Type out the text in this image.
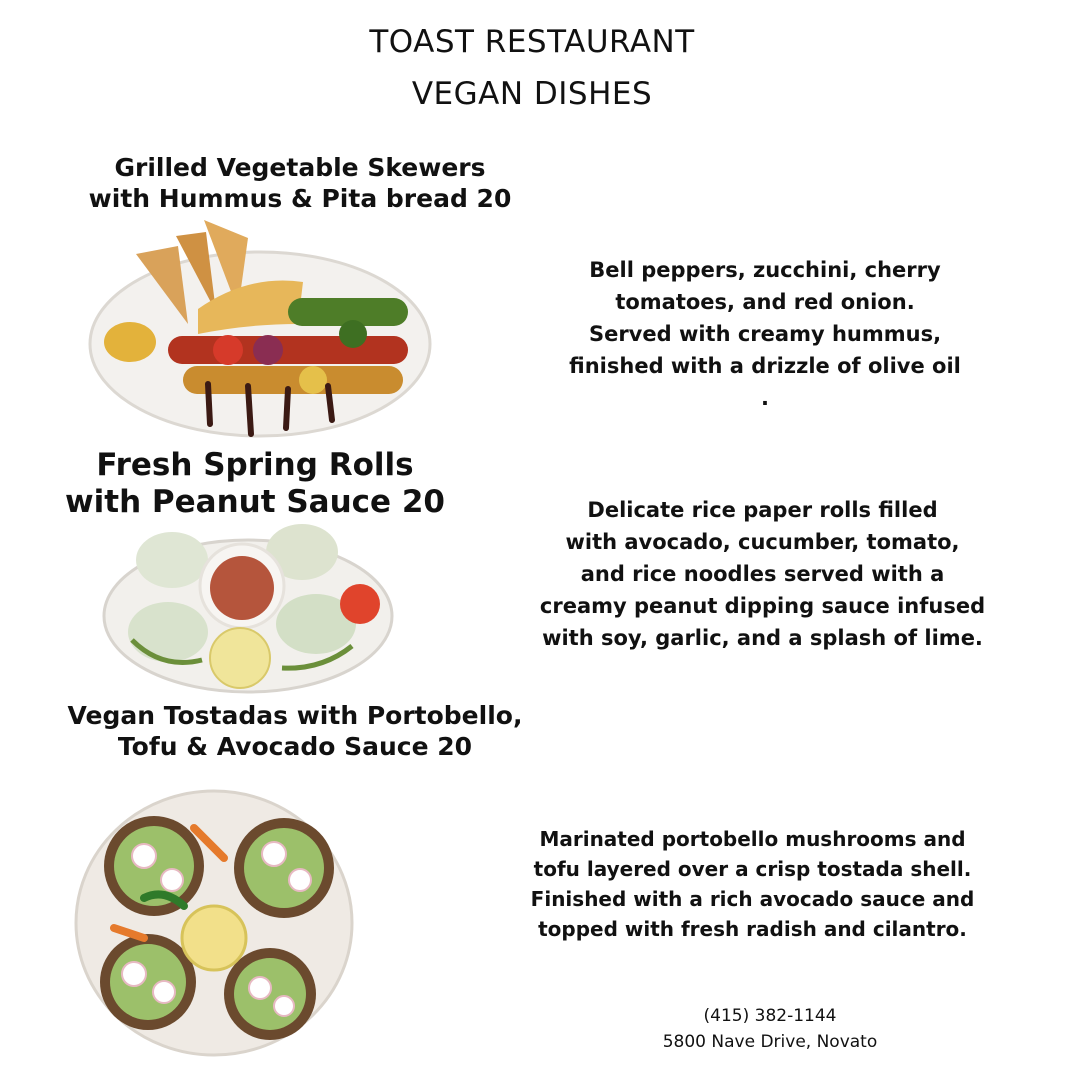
TOAST RESTAURANT
VEGAN DISHES
Grilled Vegetable Skewers
with Hummus & Pita bread 20
Bell peppers, zucchini, cherry
tomatoes, and red onion.
Served with creamy hummus,
finished with a drizzle of olive oil
.
Fresh Spring Rolls
with Peanut Sauce 20	Delicate rice paper rolls filled
with avocado, cucumber, tomato,
and rice noodles served with a
creamy peanut dipping sauce infused
with soy, garlic, and a splash of lime.
Vegan Tostadas with Portobello,
Tofu & Avocado Sauce 20
Marinated portobello mushrooms and
tofu layered over a crisp tostada shell.
Finished with a rich avocado sauce and
topped with fresh radish and cilantro.
(415) 382-1144
5800 Nave Drive, Novato
